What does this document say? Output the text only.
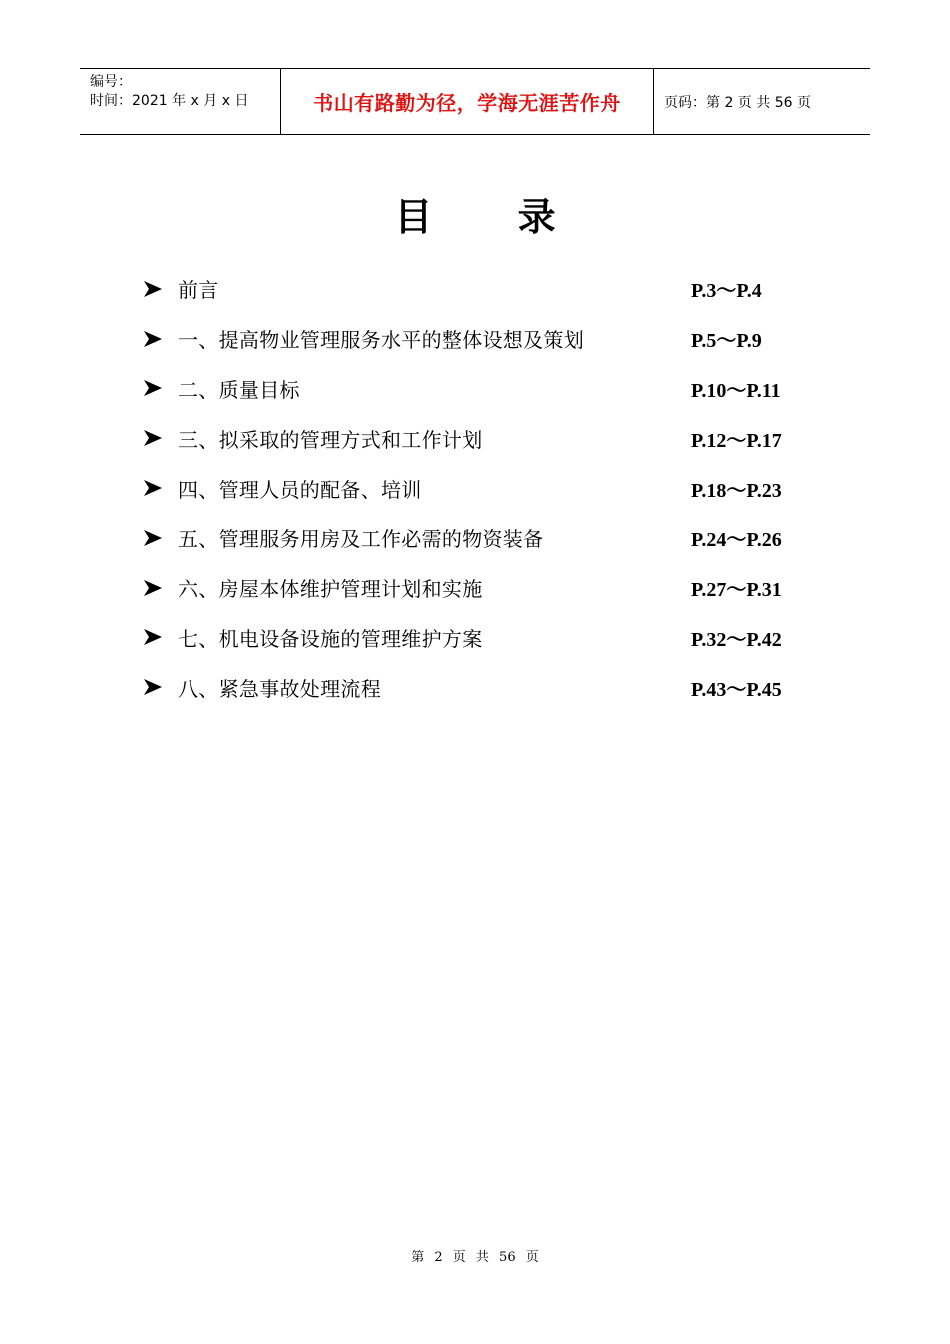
编号：
时间：2021 年 x 月 x 日	书山有路勤为径，学海无涯苦作舟	页码：第 2 页 共 56 页
目 录
前言	P.3～P.4
一、提高物业管理服务水平的整体设想及策划	P.5～P.9
二、质量目标	P.10～P.11
三、拟采取的管理方式和工作计划	P.12～P.17
四、管理人员的配备、培训	P.18～P.23
五、管理服务用房及工作必需的物资装备	P.24～P.26
六、房屋本体维护管理计划和实施	P.27～P.31
七、机电设备设施的管理维护方案	P.32～P.42
八、紧急事故处理流程	P.43～P.45
第 2 页 共 56 页
